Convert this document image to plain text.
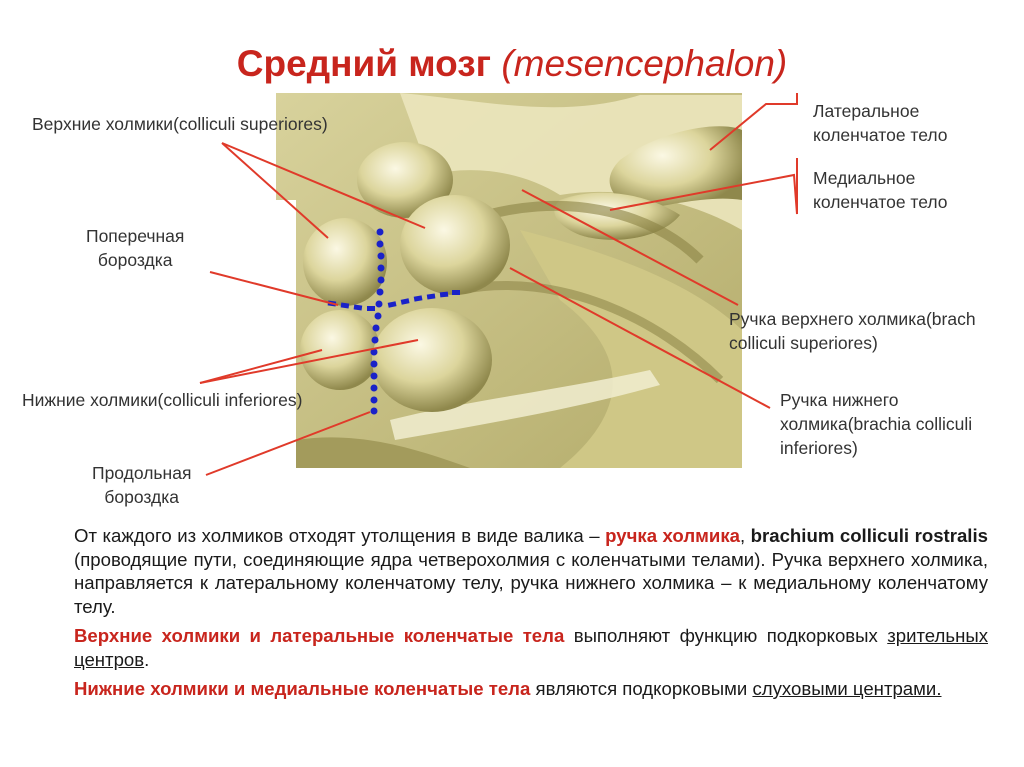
Средний мозг (mesencephalon)
Верхние холмики(colliculi superiores)
Поперечная
бороздка
Нижние холмики(colliculi inferiores)
Продольная
бороздка
Латеральное
коленчатое тело
Медиальное
коленчатое тело
Ручка верхнего холмика(brach
colliculi superiores)
Ручка нижнего
холмика(brachia colliculi
inferiores)

От каждого из холмиков отходят утолщения в виде валика – ручка холмика, brachium colliculi rostralis (проводящие пути, соединяющие ядра четверохолмия с коленчатыми телами). Ручка верхнего холмика, направляется к латеральному коленчатому телу, ручка нижнего холмика – к медиальному коленчатому телу.

Верхние холмики и латеральные коленчатые тела выполняют функцию подкорковых зрительных центров.

Нижние холмики и медиальные коленчатые тела являются подкорковыми слуховыми центрами.
